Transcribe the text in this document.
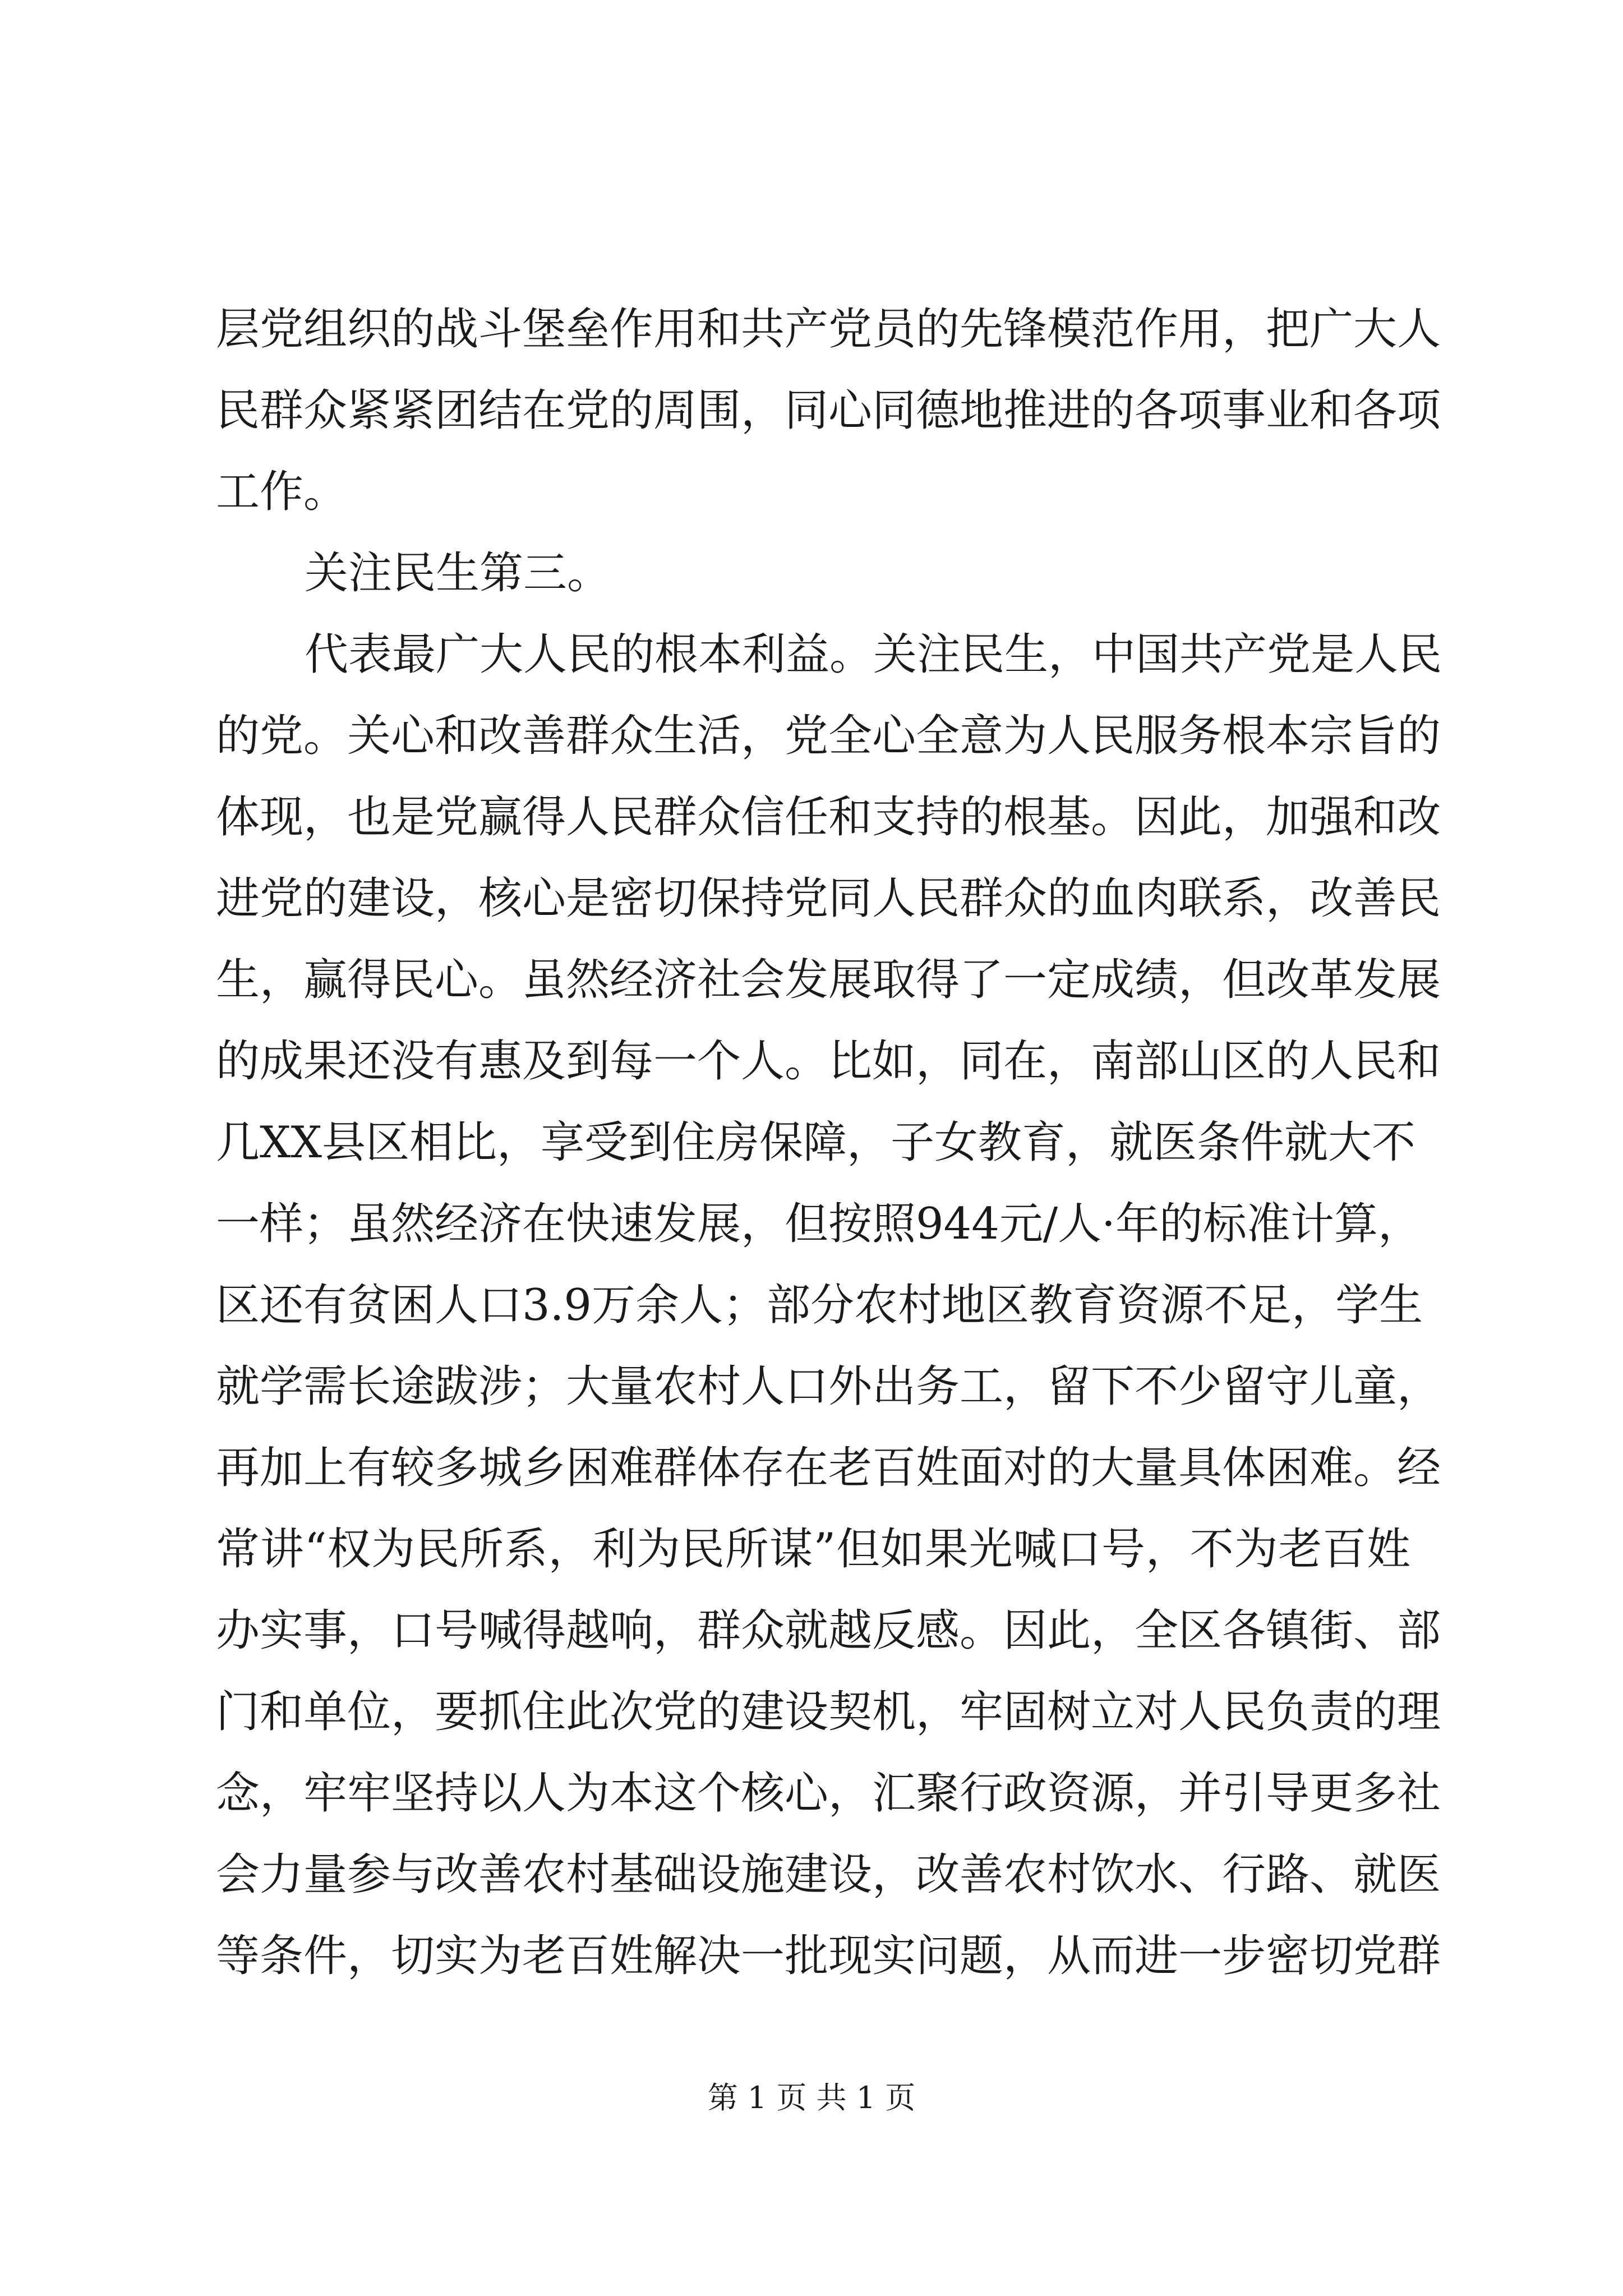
层党组织的战斗堡垒作用和共产党员的先锋模范作用，把广大人
民群众紧紧团结在党的周围，同心同德地推进的各项事业和各项
工作。
关注民生第三。
代表最广大人民的根本利益。关注民生，中国共产党是人民
的党。关心和改善群众生活，党全心全意为人民服务根本宗旨的
体现，也是党赢得人民群众信任和支持的根基。因此，加强和改
进党的建设，核心是密切保持党同人民群众的血肉联系，改善民
生，赢得民心。虽然经济社会发展取得了一定成绩，但改革发展
的成果还没有惠及到每一个人。比如，同在，南部山区的人民和
几XX县区相比，享受到住房保障，子女教育，就医条件就大不
一样；虽然经济在快速发展，但按照944元/人·年的标准计算，
区还有贫困人口3.9万余人；部分农村地区教育资源不足，学生
就学需长途跋涉；大量农村人口外出务工，留下不少留守儿童，
再加上有较多城乡困难群体存在老百姓面对的大量具体困难。经
常讲“权为民所系，利为民所谋”但如果光喊口号，不为老百姓
办实事，口号喊得越响，群众就越反感。因此，全区各镇街、部
门和单位，要抓住此次党的建设契机，牢固树立对人民负责的理
念，牢牢坚持以人为本这个核心，汇聚行政资源，并引导更多社
会力量参与改善农村基础设施建设，改善农村饮水、行路、就医
等条件，切实为老百姓解决一批现实问题，从而进一步密切党群
第 1 页 共 1 页
